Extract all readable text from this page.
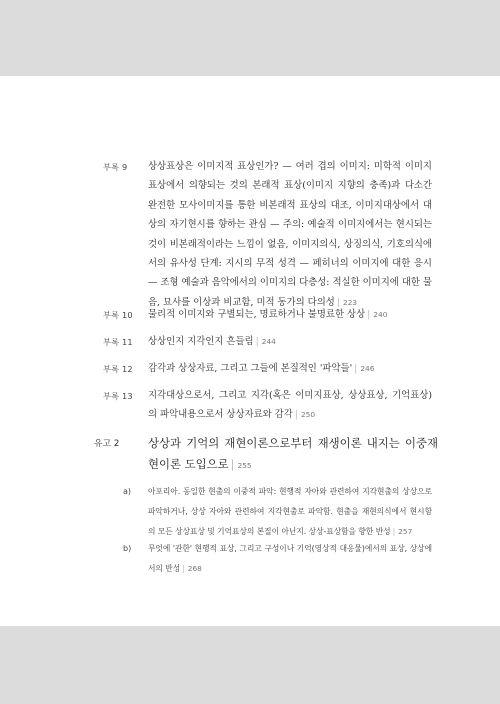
부록 9 상상표상은 이미지적 표상인가? — 여러 겹의 이미지: 미학적 이미지표상에서 의향되는 것의 본래적 표상(이미지 지향의 충족)과 다소간 완전한 모사이미지를 통한 비본래적 표상의 대조, 이미지대상에서 대상의 자기현시를 향하는 관심 — 주의: 예술적 이미지에서는 현시되는 것이 비본래적이라는 느낌이 없음, 이미지의식, 상징의식, 기호의식에서의 유사성 단계: 지시의 무적 성격 — 페히너의 이미지에 대한 응시 — 조형 예술과 음악에서의 이미지의 다층성: 적실한 이미지에 대한 물음, 묘사를 이상과 비교함, 미적 동가의 다의성 | 223
부록 10 물리적 이미지와 구별되는, 명료하거나 불명료한 상상 | 240
부록 11 상상인지 지각인지 흔들림 | 244
부록 12 감각과 상상자료, 그리고 그들에 본질적인 '파악들' | 246
부록 13 지각대상으로서, 그리고 지각(혹은 이미지표상, 상상표상, 기억표상)의 파악내용으로서 상상자료와 감각 | 250
유고 2	상상과 기억의 재현이론으로부터 재생이론 내지는 이중재현이론 도입으로 | 255
a) 아포리아. 동일한 현출의 이중적 파악: 현행적 자아와 관련하여 지각현출의 상상으로 파악하거나, 상상 자아와 관련하여 지각현출로 파악함. 현출을 재현의식에서 현시함의 모든 상상표상 및 기억표상의 본질이 아닌지. 상상-표상함을 향한 반성 | 257
b) 무엇에 '관한' 현행적 표상, 그리고 구성이나 기억(영상적 대응물)에서의 표상, 상상에서의 반성 | 268
